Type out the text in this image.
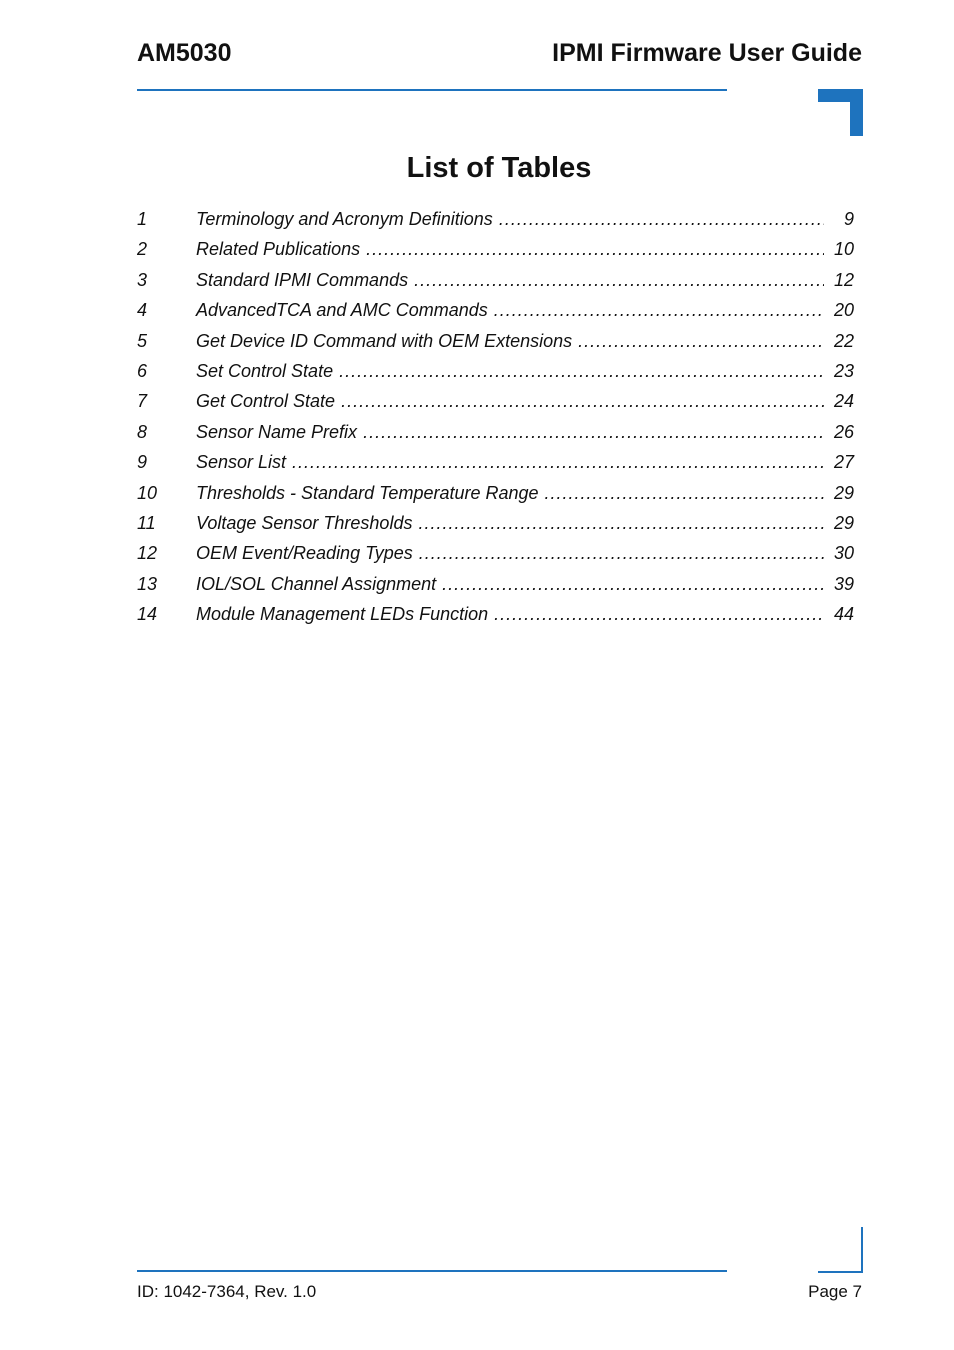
AM5030	IPMI Firmware User Guide
List of Tables
1	Terminology and Acronym Definitions .....	9
2	Related Publications .....	10
3	Standard IPMI Commands .....	12
4	AdvancedTCA and AMC Commands .....	20
5	Get Device ID Command with OEM Extensions .....	22
6	Set Control State .....	23
7	Get Control State .....	24
8	Sensor Name Prefix .....	26
9	Sensor List .....	27
10	Thresholds - Standard Temperature Range .....	29
11	Voltage Sensor Thresholds .....	29
12	OEM Event/Reading Types .....	30
13	IOL/SOL Channel Assignment .....	39
14	Module Management LEDs Function .....	44
ID: 1042-7364, Rev. 1.0	Page 7
